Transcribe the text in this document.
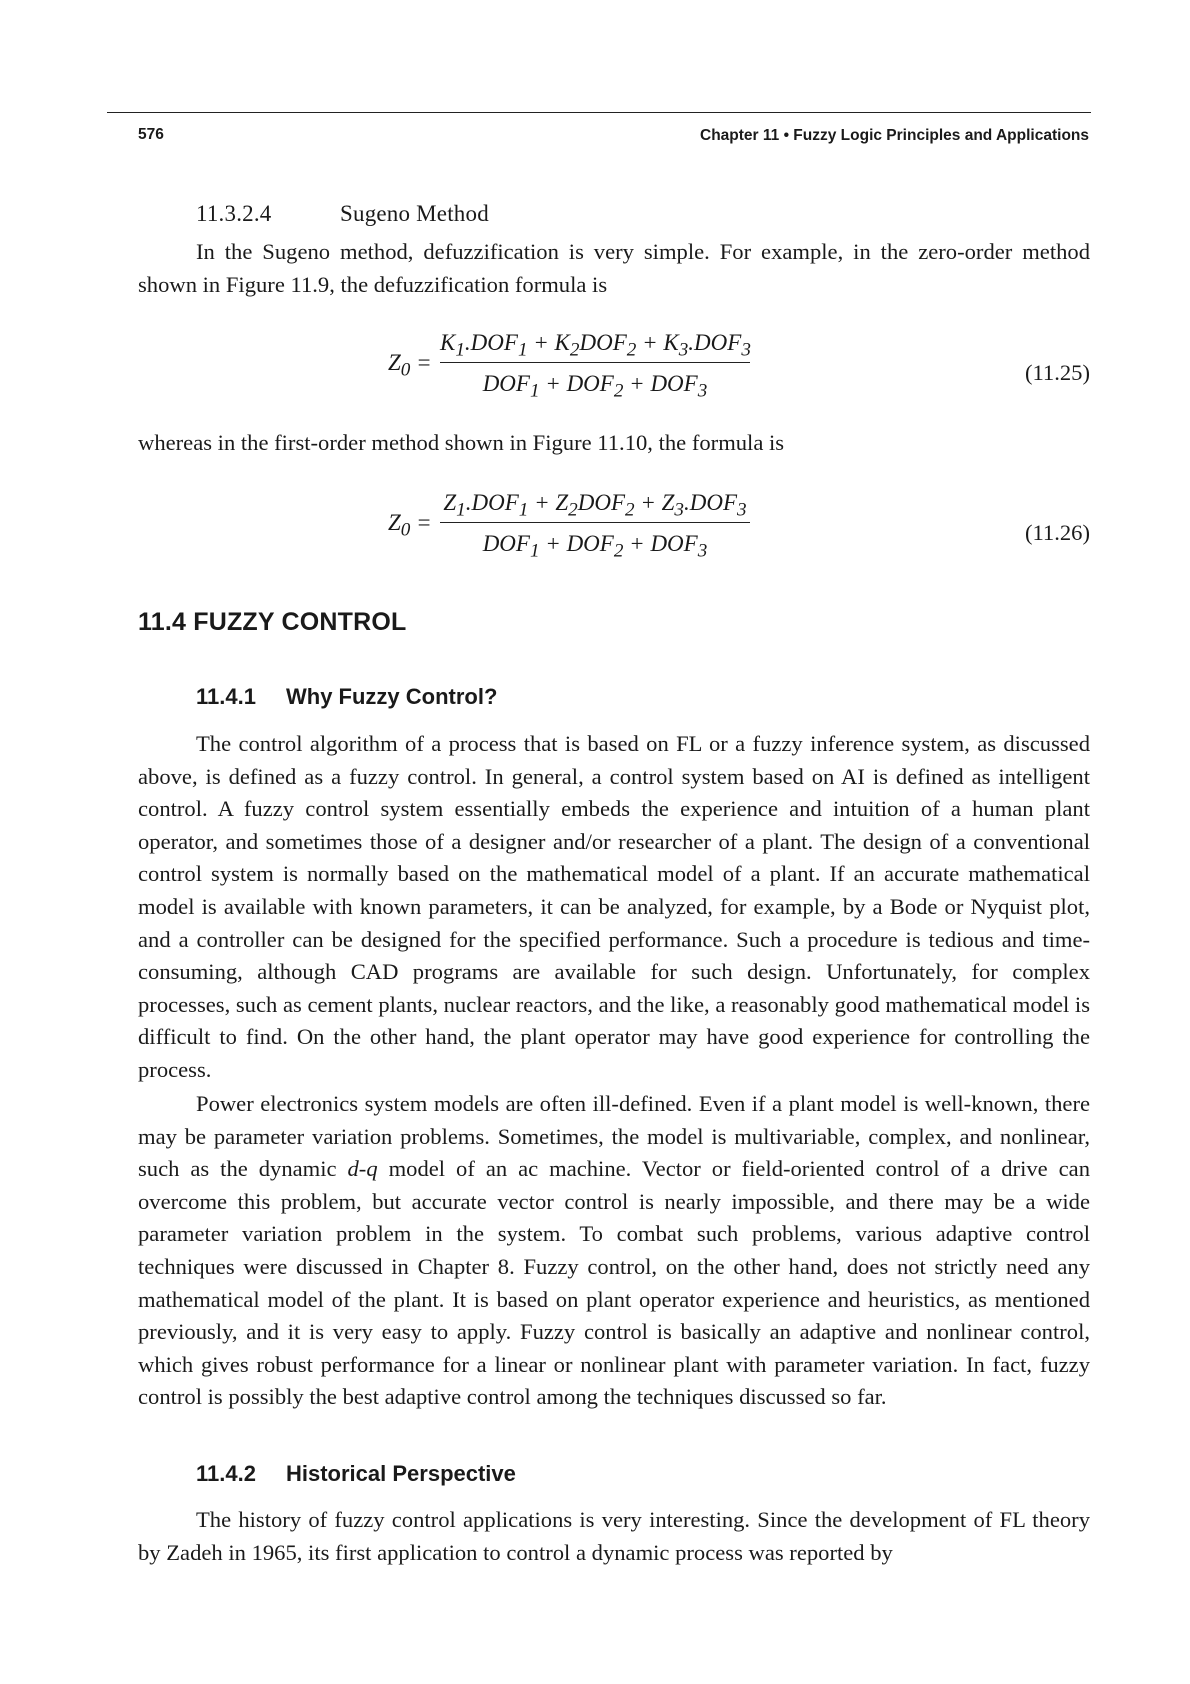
576	Chapter 11 • Fuzzy Logic Principles and Applications
11.3.2.4	Sugeno Method

In the Sugeno method, defuzzification is very simple. For example, in the zero-order method shown in Figure 11.9, the defuzzification formula is

$Z_0$ =
$K_1.DOF_1 + K_2DOF_2 + K_3.DOF_3$
$DOF_1 + DOF_2 + DOF_3$
(11.25)

whereas in the first-order method shown in Figure 11.10, the formula is

$Z_0$ =
$Z_1.DOF_1 + Z_2DOF_2 + Z_3.DOF_3$
$DOF_1 + DOF_2 + DOF_3$
(11.26)
11.4 FUZZY CONTROL
11.4.1 Why Fuzzy Control?

The control algorithm of a process that is based on FL or a fuzzy inference system, as discussed above, is defined as a fuzzy control. In general, a control system based on AI is defined as intelligent control. A fuzzy control system essentially embeds the experience and intuition of a human plant operator, and sometimes those of a designer and/or researcher of a plant. The design of a conventional control system is normally based on the mathematical model of a plant. If an accurate mathematical model is available with known parameters, it can be analyzed, for example, by a Bode or Nyquist plot, and a controller can be designed for the specified performance. Such a procedure is tedious and time-consuming, although CAD programs are available for such design. Unfortunately, for complex processes, such as cement plants, nuclear reactors, and the like, a reasonably good mathematical model is difficult to find. On the other hand, the plant operator may have good experience for controlling the process.

Power electronics system models are often ill-defined. Even if a plant model is well-known, there may be parameter variation problems. Sometimes, the model is multivariable, complex, and nonlinear, such as the dynamic d-q model of an ac machine. Vector or field-oriented control of a drive can overcome this problem, but accurate vector control is nearly impossible, and there may be a wide parameter variation problem in the system. To combat such problems, various adaptive control techniques were discussed in Chapter 8. Fuzzy control, on the other hand, does not strictly need any mathematical model of the plant. It is based on plant operator experience and heuristics, as mentioned previously, and it is very easy to apply. Fuzzy control is basically an adaptive and nonlinear control, which gives robust performance for a linear or nonlinear plant with parameter variation. In fact, fuzzy control is possibly the best adaptive control among the techniques discussed so far.

11.4.2 Historical Perspective

The history of fuzzy control applications is very interesting. Since the development of FL theory by Zadeh in 1965, its first application to control a dynamic process was reported by
